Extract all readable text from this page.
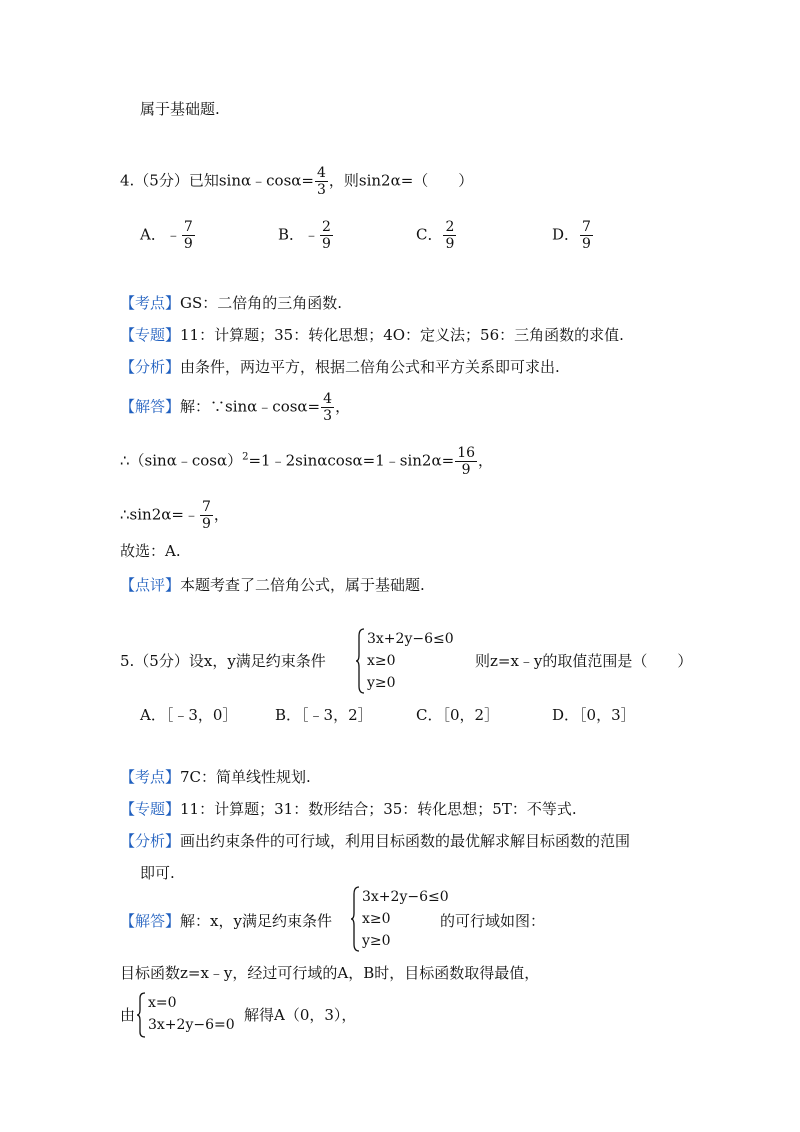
属于基础题.
4.（5分）已知sinα﹣cosα= $\frac{4}{3}$ ，则sin2α=（　　）
A．﹣ $\frac{7}{9}$	B．﹣ $\frac{2}{9}$	C． $\frac{2}{9}$	D． $\frac{7}{9}$
【考点】GS：二倍角的三角函数.
【专题】11：计算题；35：转化思想；4O：定义法；56：三角函数的求值.
【分析】由条件，两边平方，根据二倍角公式和平方关系即可求出.
【解答】解：∵sinα﹣cosα= $\frac{4}{3}$ ，
∴（sinα﹣cosα）$^2$=1﹣2sinαcosα=1﹣sin2α= $\frac{16}{9}$ ，
∴sin2α=﹣ $\frac{7}{9}$ ，
故选：A.
【点评】本题考查了二倍角公式，属于基础题.
5.（5分）设x，y满足约束条件
3x+2y−6≤0
x≥0
y≥0
则z=x﹣y的取值范围是（　　）
A．［﹣3，0］	B．［﹣3，2］	C．［0，2］	D．［0，3］
【考点】7C：简单线性规划.
【专题】11：计算题；31：数形结合；35：转化思想；5T：不等式.
【分析】画出约束条件的可行域，利用目标函数的最优解求解目标函数的范围
即可.
【解答】解：x，y满足约束条件
3x+2y−6≤0
x≥0
y≥0
的可行域如图：
目标函数z=x﹣y，经过可行域的A，B时，目标函数取得最值，
由
x=0
3x+2y−6=0
解得A（0，3），
